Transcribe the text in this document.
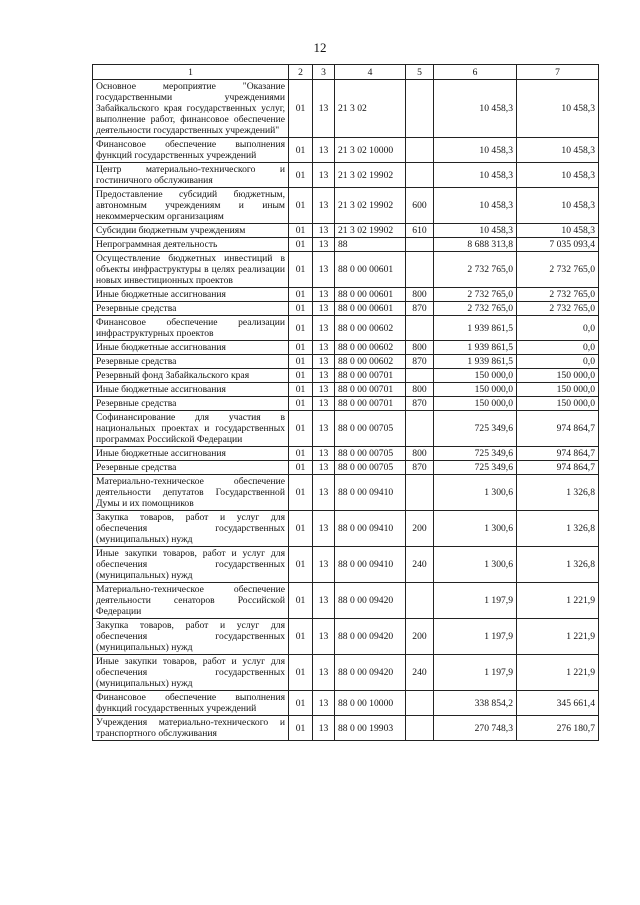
12
1	2	3	4	5	6	7
Основное мероприятие "Оказание государственными учреждениями Забайкальского края государственных услуг, выполнение работ, финансовое обеспечение деятельности государственных учреждений"	01	13	21 3 02		10 458,3	10 458,3
Финансовое обеспечение выполнения функций государственных учреждений	01	13	21 3 02 10000		10 458,3	10 458,3
Центр материально-технического и гостиничного обслуживания	01	13	21 3 02 19902		10 458,3	10 458,3
Предоставление субсидий бюджетным, автономным учреждениям и иным некоммерческим организациям	01	13	21 3 02 19902	600	10 458,3	10 458,3
Субсидии бюджетным учреждениям	01	13	21 3 02 19902	610	10 458,3	10 458,3
Непрограммная деятельность	01	13	88		8 688 313,8	7 035 093,4
Осуществление бюджетных инвестиций в объекты инфраструктуры в целях реализации новых инвестиционных проектов	01	13	88 0 00 00601		2 732 765,0	2 732 765,0
Иные бюджетные ассигнования	01	13	88 0 00 00601	800	2 732 765,0	2 732 765,0
Резервные средства	01	13	88 0 00 00601	870	2 732 765,0	2 732 765,0
Финансовое обеспечение реализации инфраструктурных проектов	01	13	88 0 00 00602		1 939 861,5	0,0
Иные бюджетные ассигнования	01	13	88 0 00 00602	800	1 939 861,5	0,0
Резервные средства	01	13	88 0 00 00602	870	1 939 861,5	0,0
Резервный фонд Забайкальского края	01	13	88 0 00 00701		150 000,0	150 000,0
Иные бюджетные ассигнования	01	13	88 0 00 00701	800	150 000,0	150 000,0
Резервные средства	01	13	88 0 00 00701	870	150 000,0	150 000,0
Софинансирование для участия в национальных проектах и государственных программах Российской Федерации	01	13	88 0 00 00705		725 349,6	974 864,7
Иные бюджетные ассигнования	01	13	88 0 00 00705	800	725 349,6	974 864,7
Резервные средства	01	13	88 0 00 00705	870	725 349,6	974 864,7
Материально-техническое обеспечение деятельности депутатов Государственной Думы и их помощников	01	13	88 0 00 09410		1 300,6	1 326,8
Закупка товаров, работ и услуг для обеспечения государственных (муниципальных) нужд	01	13	88 0 00 09410	200	1 300,6	1 326,8
Иные закупки товаров, работ и услуг для обеспечения государственных (муниципальных) нужд	01	13	88 0 00 09410	240	1 300,6	1 326,8
Материально-техническое обеспечение деятельности сенаторов Российской Федерации	01	13	88 0 00 09420		1 197,9	1 221,9
Закупка товаров, работ и услуг для обеспечения государственных (муниципальных) нужд	01	13	88 0 00 09420	200	1 197,9	1 221,9
Иные закупки товаров, работ и услуг для обеспечения государственных (муниципальных) нужд	01	13	88 0 00 09420	240	1 197,9	1 221,9
Финансовое обеспечение выполнения функций государственных учреждений	01	13	88 0 00 10000		338 854,2	345 661,4
Учреждения материально-технического и транспортного обслуживания	01	13	88 0 00 19903		270 748,3	276 180,7
